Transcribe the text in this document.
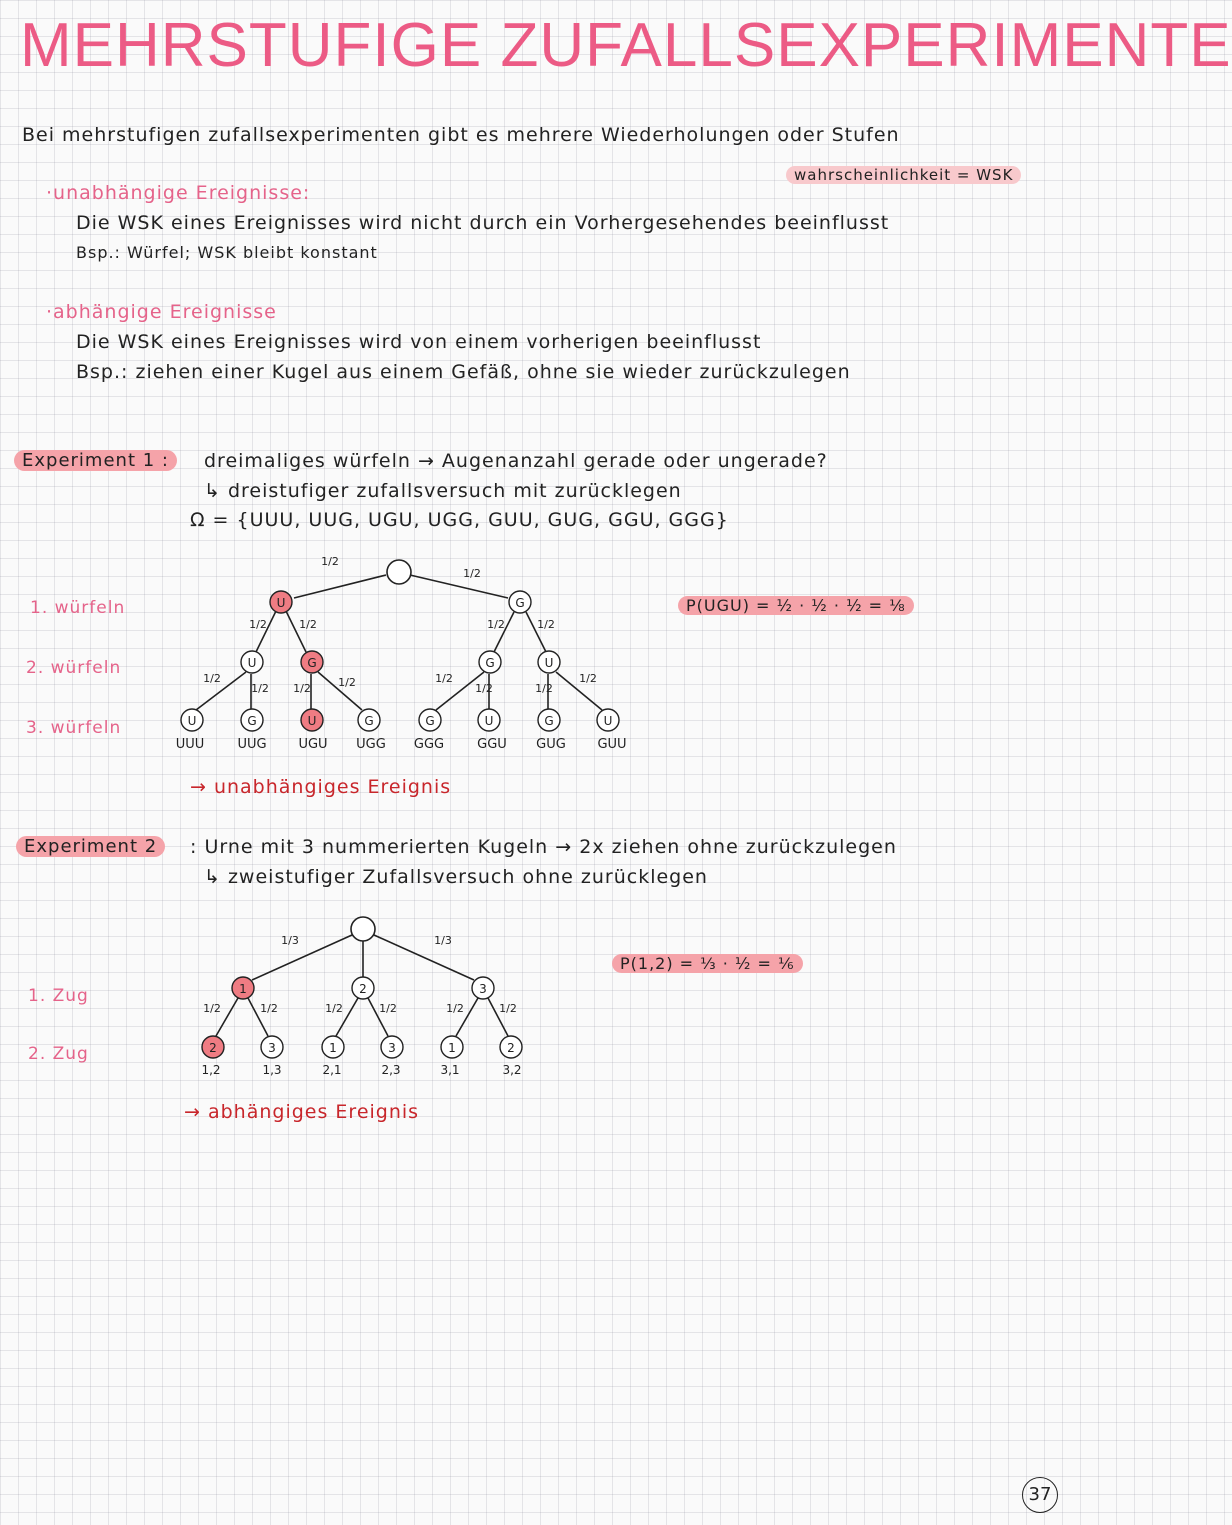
MEHRSTUFIGE ZUFALLSEXPERIMENTE
Bei mehrstufigen zufallsexperimenten gibt es mehrere Wiederholungen oder Stufen
wahrscheinlichkeit = WSK
·unabhängige Ereignisse:
Die WSK eines Ereignisses wird nicht durch ein Vorhergesehendes beeinflusst
Bsp.: Würfel; WSK bleibt konstant
·abhängige Ereignisse
Die WSK eines Ereignisses wird von einem vorherigen beeinflusst
Bsp.: ziehen einer Kugel aus einem Gefäß, ohne sie wieder zurückzulegen
Experiment 1 :	dreimaliges würfeln → Augenanzahl gerade oder ungerade?
↳ dreistufiger zufallsversuch mit zurücklegen
Ω = {UUU, UUG, UGU, UGG, GUU, GUG, GGU, GGG}
1. würfeln
2. würfeln
3. würfeln
1/2
1/2
1/2	1/2	1/2	1/2
1/2
1/2 1/2 1/2	1/2
1/2	1/2
1/2
U	G
U	G	G	U
U	G	U	G	G	U	G	U
UUU	UUG UGU UGG GGG	GGU GUG GUU
1/3	1/3
1/2	1/2	1/2	1/2	1/2	1/2
1	2	3
2	3	1	3	1	2
1,2	1,3	2,1	2,3	3,1	3,2
P(UGU) = ½ · ½ · ½ = ⅛
→ unabhängiges Ereignis
Experiment 2	: Urne mit 3 nummerierten Kugeln → 2x ziehen ohne zurückzulegen
↳ zweistufiger Zufallsversuch ohne zurücklegen
1. Zug
2. Zug
P(1,2) = ⅓ · ½ = ⅙
→ abhängiges Ereignis
37
